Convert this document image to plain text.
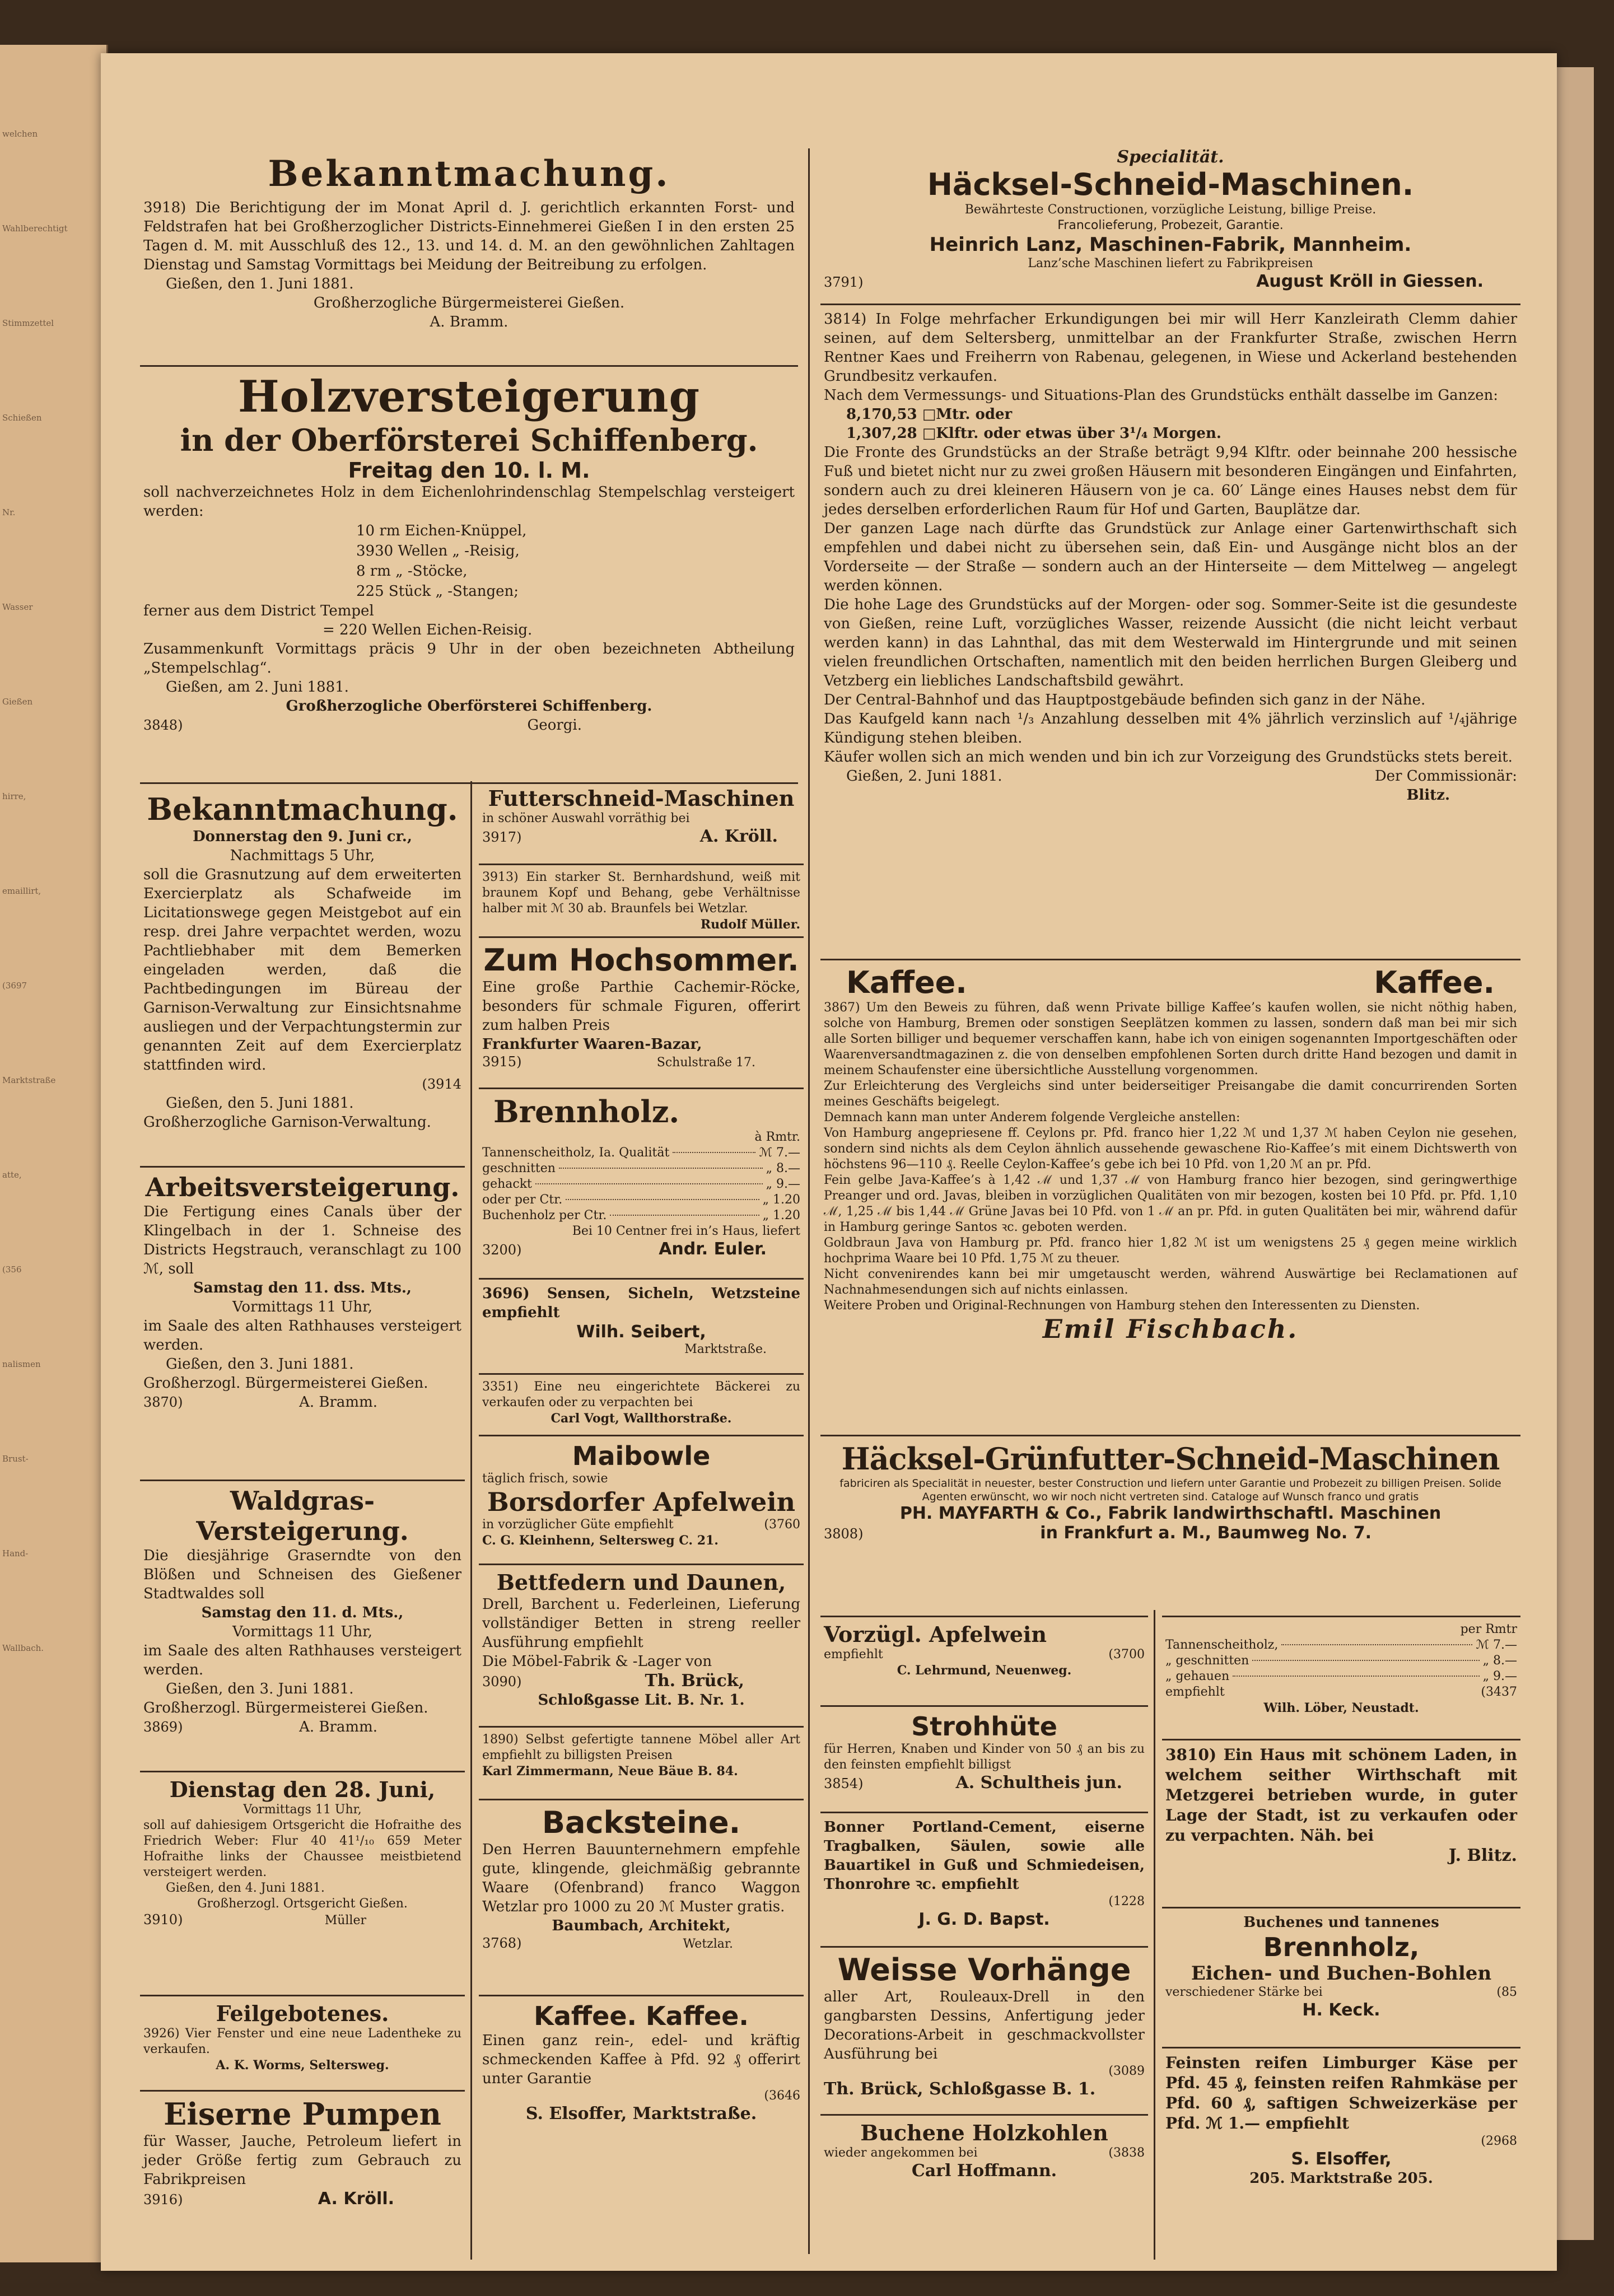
welchen
Wahlberechtigt
Stimmzettel
Schießen
Nr.
Wasser
Gießen
hirre,
emaillirt,
(3697
Marktstraße
atte,
(356
nalismen
Brust-
Hand-
Wallbach.
Bekanntmachung.
3918) Die Berichtigung der im Monat April d. J. gerichtlich erkannten Forst- und Feldstrafen hat bei Großherzoglicher Districts-Einnehmerei Gießen I in den ersten 25 Tagen d. M. mit Ausschluß des 12., 13. und 14. d. M. an den gewöhnlichen Zahltagen Dienstag und Samstag Vormittags bei Meidung der Beitreibung zu erfolgen.
Gießen, den 1. Juni 1881.
Großherzogliche Bürgermeisterei Gießen.
A. Bramm.
Holzversteigerung
in der Oberförsterei Schiffenberg.
Freitag den 10. l. M.
soll nachverzeichnetes Holz in dem Eichenlohrindenschlag Stempelschlag versteigert werden:
10 rm Eichen-Knüppel,
3930 Wellen „ -Reisig,
8 rm „ -Stöcke,
225 Stück „ -Stangen;
ferner aus dem District Tempel
= 220 Wellen Eichen-Reisig.
Zusammenkunft Vormittags präcis 9 Uhr in der oben bezeichneten Abtheilung „Stempelschlag“.
Gießen, am 2. Juni 1881.
Großherzogliche Oberförsterei Schiffenberg.
3848)	Georgi.
Bekanntmachung.
Donnerstag den 9. Juni cr.,
Nachmittags 5 Uhr,
soll die Grasnutzung auf dem erweiterten Exercierplatz als Schafweide im Licitationswege gegen Meistgebot auf ein resp. drei Jahre verpachtet werden, wozu Pachtliebhaber mit dem Bemerken eingeladen werden, daß die Pachtbedingungen im Büreau der Garnison-Verwaltung zur Einsichtsnahme ausliegen und der Verpachtungstermin zur genannten Zeit auf dem Exercierplatz stattfinden wird.
(3914
Gießen, den 5. Juni 1881.
Großherzogliche Garnison-Verwaltung.
Arbeitsversteigerung.
Die Fertigung eines Canals über der Klingelbach in der 1. Schneise des Districts Hegstrauch, veranschlagt zu 100 ℳ, soll
Samstag den 11. dss. Mts.,
Vormittags 11 Uhr,
im Saale des alten Rathhauses versteigert werden.
Gießen, den 3. Juni 1881.
Großherzogl. Bürgermeisterei Gießen.
3870)	A. Bramm.
Waldgras-
Versteigerung.
Die diesjährige Graserndte von den Blößen und Schneisen des Gießener Stadtwaldes soll
Samstag den 11. d. Mts.,
Vormittags 11 Uhr,
im Saale des alten Rathhauses versteigert werden.
Gießen, den 3. Juni 1881.
Großherzogl. Bürgermeisterei Gießen.
3869)	A. Bramm.
Dienstag den 28. Juni,
Vormittags 11 Uhr,
soll auf dahiesigem Ortsgericht die Hofraithe des Friedrich Weber: Flur 40 41¹/₁₀ 659 Meter Hofraithe links der Chaussee meistbietend versteigert werden.
Gießen, den 4. Juni 1881.
Großherzogl. Ortsgericht Gießen.
3910)	Müller
Feilgebotenes.
3926) Vier Fenster und eine neue Ladentheke zu verkaufen.
A. K. Worms, Seltersweg.
Eiserne Pumpen
für Wasser, Jauche, Petroleum liefert in jeder Größe fertig zum Gebrauch zu Fabrikpreisen
3916)	A. Kröll.
Futterschneid-Maschinen
in schöner Auswahl vorräthig bei
3917)	A. Kröll.
3913) Ein starker St. Bernhardshund, weiß mit braunem Kopf und Behang, gebe Verhältnisse halber mit ℳ 30 ab. Braunfels bei Wetzlar.
Rudolf Müller.
Zum Hochsommer.
Eine große Parthie Cachemir-Röcke, besonders für schmale Figuren, offerirt zum halben Preis
Frankfurter Waaren-Bazar,
3915)	Schulstraße 17.
Brennholz.
à Rmtr.
Tannenscheitholz, Ia. Qualität	ℳ 7.—
geschnitten	„ 8.—
gehackt	„ 9.—
oder per Ctr.	„ 1.20
Buchenholz per Ctr.	„ 1.20
Bei 10 Centner frei in’s Haus, liefert
3200)	Andr. Euler.
3696) Sensen, Sicheln, Wetzsteine empfiehlt
Wilh. Seibert,
Marktstraße.
3351) Eine neu eingerichtete Bäckerei zu verkaufen oder zu verpachten bei
Carl Vogt, Wallthorstraße.
Maibowle
täglich frisch, sowie
Borsdorfer Apfelwein
in vorzüglicher Güte empfiehlt	(3760
C. G. Kleinhenn, Seltersweg C. 21.
Bettfedern und Daunen,
Drell, Barchent u. Federleinen, Lieferung vollständiger Betten in streng reeller Ausführung empfiehlt
Die Möbel-Fabrik & -Lager von
3090)	Th. Brück,
Schloßgasse Lit. B. Nr. 1.
1890) Selbst gefertigte tannene Möbel aller Art empfiehlt zu billigsten Preisen
Karl Zimmermann, Neue Bäue B. 84.
Backsteine.
Den Herren Bauunternehmern empfehle gute, klingende, gleichmäßig gebrannte Waare (Ofenbrand) franco Waggon Wetzlar pro 1000 zu 20 ℳ Muster gratis.
Baumbach, Architekt,
3768)	Wetzlar.
Kaffee. Kaffee.
Einen ganz rein-, edel- und kräftig schmeckenden Kaffee à Pfd. 92 ₰ offerirt unter Garantie
(3646
S. Elsoffer, Marktstraße.
Specialität.
Häcksel-Schneid-Maschinen.
Bewährteste Constructionen, vorzügliche Leistung, billige Preise.
Francolieferung, Probezeit, Garantie.
Heinrich Lanz, Maschinen-Fabrik, Mannheim.
Lanz’sche Maschinen liefert zu Fabrikpreisen
3791)	August Kröll in Giessen.
3814) In Folge mehrfacher Erkundigungen bei mir will Herr Kanzleirath Clemm dahier seinen, auf dem Seltersberg, unmittelbar an der Frankfurter Straße, zwischen Herrn Rentner Kaes und Freiherrn von Rabenau, gelegenen, in Wiese und Ackerland bestehenden Grundbesitz verkaufen.
Nach dem Vermessungs- und Situations-Plan des Grundstücks enthält dasselbe im Ganzen:
8,170,53 □Mtr. oder
1,307,28 □Klftr. oder etwas über 3¹/₄ Morgen.
Die Fronte des Grundstücks an der Straße beträgt 9,94 Klftr. oder beinnahe 200 hessische Fuß und bietet nicht nur zu zwei großen Häusern mit besonderen Eingängen und Einfahrten, sondern auch zu drei kleineren Häusern von je ca. 60′ Länge eines Hauses nebst dem für jedes derselben erforderlichen Raum für Hof und Garten, Bauplätze dar.
Der ganzen Lage nach dürfte das Grundstück zur Anlage einer Gartenwirthschaft sich empfehlen und dabei nicht zu übersehen sein, daß Ein- und Ausgänge nicht blos an der Vorderseite — der Straße — sondern auch an der Hinterseite — dem Mittelweg — angelegt werden können.
Die hohe Lage des Grundstücks auf der Morgen- oder sog. Sommer-Seite ist die gesundeste von Gießen, reine Luft, vorzügliches Wasser, reizende Aussicht (die nicht leicht verbaut werden kann) in das Lahnthal, das mit dem Westerwald im Hintergrunde und mit seinen vielen freundlichen Ortschaften, namentlich mit den beiden herrlichen Burgen Gleiberg und Vetzberg ein liebliches Landschaftsbild gewährt.
Der Central-Bahnhof und das Hauptpostgebäude befinden sich ganz in der Nähe.
Das Kaufgeld kann nach ¹/₃ Anzahlung desselben mit 4% jährlich verzinslich auf ¹/₄jährige Kündigung stehen bleiben.
Käufer wollen sich an mich wenden und bin ich zur Vorzeigung des Grundstücks stets bereit.
Gießen, 2. Juni 1881.	Der Commissionär:
Blitz.
Kaffee.	Kaffee.
3867) Um den Beweis zu führen, daß wenn Private billige Kaffee’s kaufen wollen, sie nicht nöthig haben, solche von Hamburg, Bremen oder sonstigen Seeplätzen kommen zu lassen, sondern daß man bei mir sich alle Sorten billiger und bequemer verschaffen kann, habe ich von einigen sogenannten Importgeschäften oder Waarenversandtmagazinen z. die von denselben empfohlenen Sorten durch dritte Hand bezogen und damit in meinem Schaufenster eine übersichtliche Ausstellung vorgenommen.
Zur Erleichterung des Vergleichs sind unter beiderseitiger Preisangabe die damit concurrirenden Sorten meines Geschäfts beigelegt.
Demnach kann man unter Anderem folgende Vergleiche anstellen:
Von Hamburg angepriesene ff. Ceylons pr. Pfd. franco hier 1,22 ℳ und 1,37 ℳ haben Ceylon nie gesehen, sondern sind nichts als dem Ceylon ähnlich aussehende gewaschene Rio-Kaffee’s mit einem Dichtswerth von höchstens 96—110 ₰. Reelle Ceylon-Kaffee’s gebe ich bei 10 Pfd. von 1,20 ℳ an pr. Pfd.
Fein gelbe Java-Kaffee’s à 1,42 ℳ und 1,37 ℳ von Hamburg franco hier bezogen, sind geringwerthige Preanger und ord. Javas, bleiben in vorzüglichen Qualitäten von mir bezogen, kosten bei 10 Pfd. pr. Pfd. 1,10 ℳ, 1,25 ℳ bis 1,44 ℳ Grüne Javas bei 10 Pfd. von 1 ℳ an pr. Pfd. in guten Qualitäten bei mir, während dafür in Hamburg geringe Santos ꝛc. geboten werden.
Goldbraun Java von Hamburg pr. Pfd. franco hier 1,82 ℳ ist um wenigstens 25 ₰ gegen meine wirklich hochprima Waare bei 10 Pfd. 1,75 ℳ zu theuer.
Nicht convenirendes kann bei mir umgetauscht werden, während Auswärtige bei Reclamationen auf Nachnahmesendungen sich auf nichts einlassen.
Weitere Proben und Original-Rechnungen von Hamburg stehen den Interessenten zu Diensten.
Emil Fischbach.
Häcksel-Grünfutter-Schneid-Maschinen
fabriciren als Specialität in neuester, bester Construction und liefern unter Garantie und Probezeit zu billigen Preisen. Solide Agenten erwünscht, wo wir noch nicht vertreten sind. Cataloge auf Wunsch franco und gratis
PH. MAYFARTH & Co., Fabrik landwirthschaftl. Maschinen
3808)	in Frankfurt a. M., Baumweg No. 7.
Vorzügl. Apfelwein
empfiehlt	(3700
C. Lehrmund, Neuenweg.
Strohhüte
für Herren, Knaben und Kinder von 50 ₰ an bis zu den feinsten empfiehlt billigst
3854)	A. Schultheis jun.
Bonner Portland-Cement, eiserne Tragbalken, Säulen, sowie alle Bauartikel in Guß und Schmiedeisen, Thonrohre ꝛc. empfiehlt
(1228
J. G. D. Bapst.
Weisse Vorhänge
aller Art, Rouleaux-Drell in den gangbarsten Dessins, Anfertigung jeder Decorations-Arbeit in geschmackvollster Ausführung bei
(3089
Th. Brück, Schloßgasse B. 1.
Buchene Holzkohlen
wieder angekommen bei	(3838
Carl Hoffmann.
per Rmtr
Tannenscheitholz,	ℳ 7.—
„ geschnitten	„ 8.—
„ gehauen	„ 9.—
empfiehlt	(3437
Wilh. Löber, Neustadt.
3810) Ein Haus mit schönem Laden, in welchem seither Wirthschaft mit Metzgerei betrieben wurde, in guter Lage der Stadt, ist zu verkaufen oder zu verpachten. Näh. bei
J. Blitz.
Buchenes und tannenes
Brennholz,
Eichen- und Buchen-Bohlen
verschiedener Stärke bei	(85
H. Keck.
Feinsten reifen Limburger Käse per Pfd. 45 ₰, feinsten reifen Rahmkäse per Pfd. 60 ₰, saftigen Schweizerkäse per Pfd. ℳ 1.— empfiehlt
(2968
S. Elsoffer,
205. Marktstraße 205.
